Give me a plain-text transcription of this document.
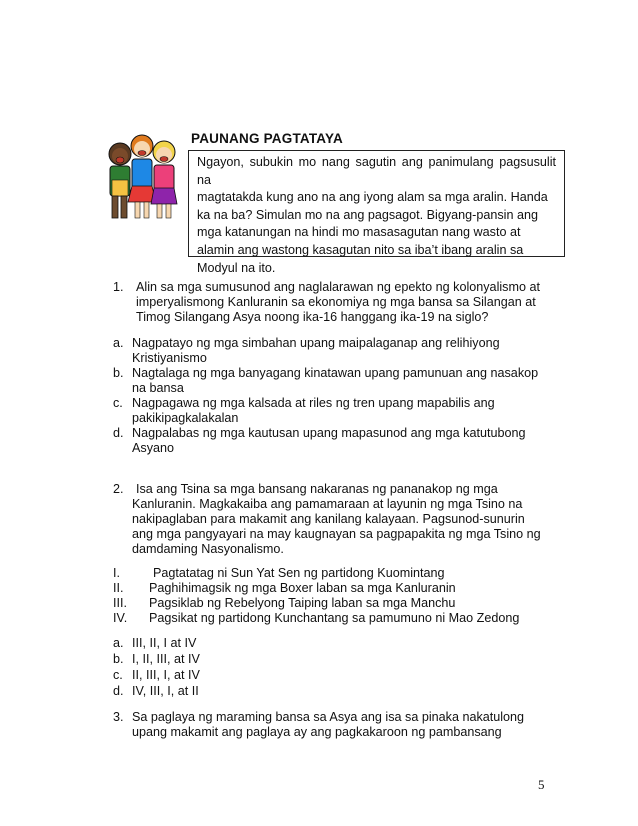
PAUNANG PAGTATAYA
Ngayon, subukin mo nang sagutin ang panimulang pagsusulit na
magtatakda kung ano na ang iyong alam sa mga aralin. Handa
ka na ba? Simulan mo na ang pagsagot. Bigyang-pansin ang
mga katanungan na hindi mo masasagutan nang wasto at
alamin ang wastong kasagutan nito sa iba’t ibang aralin sa
Modyul na ito.
1. Alin sa mga sumusunod ang naglalarawan ng epekto ng kolonyalismo at
imperyalismong Kanluranin sa ekonomiya ng mga bansa sa Silangan at
Timog Silangang Asya noong ika-16 hanggang ika-19 na siglo?
a. Nagpatayo ng mga simbahan upang maipalaganap ang relihiyong
Kristiyanismo
b. Nagtalaga ng mga banyagang kinatawan upang pamunuan ang nasakop
na bansa
c. Nagpagawa ng mga kalsada at riles ng tren upang mapabilis ang
pakikipagkalakalan
d. Nagpalabas ng mga kautusan upang mapasunod ang mga katutubong
Asyano
2. Isa ang Tsina sa mga bansang nakaranas ng pananakop ng mga
Kanluranin. Magkakaiba ang pamamaraan at layunin ng mga Tsino na
nakipaglaban para makamit ang kanilang kalayaan. Pagsunod-sunurin
ang mga pangyayari na may kaugnayan sa pagpapakita ng mga Tsino ng
damdaming Nasyonalismo.
I.	Pagtatatag ni Sun Yat Sen ng partidong Kuomintang
II. Paghihimagsik ng mga Boxer laban sa mga Kanluranin
III. Pagsiklab ng Rebelyong Taiping laban sa mga Manchu
IV. Pagsikat ng partidong Kunchantang sa pamumuno ni Mao Zedong
a. III, II, I at IV
b. I, II, III, at IV
c. II, III, I, at IV
d. IV, III, I, at II
3. Sa paglaya ng maraming bansa sa Asya ang isa sa pinaka nakatulong
upang makamit ang paglaya ay ang pagkakaroon ng pambansang
5
